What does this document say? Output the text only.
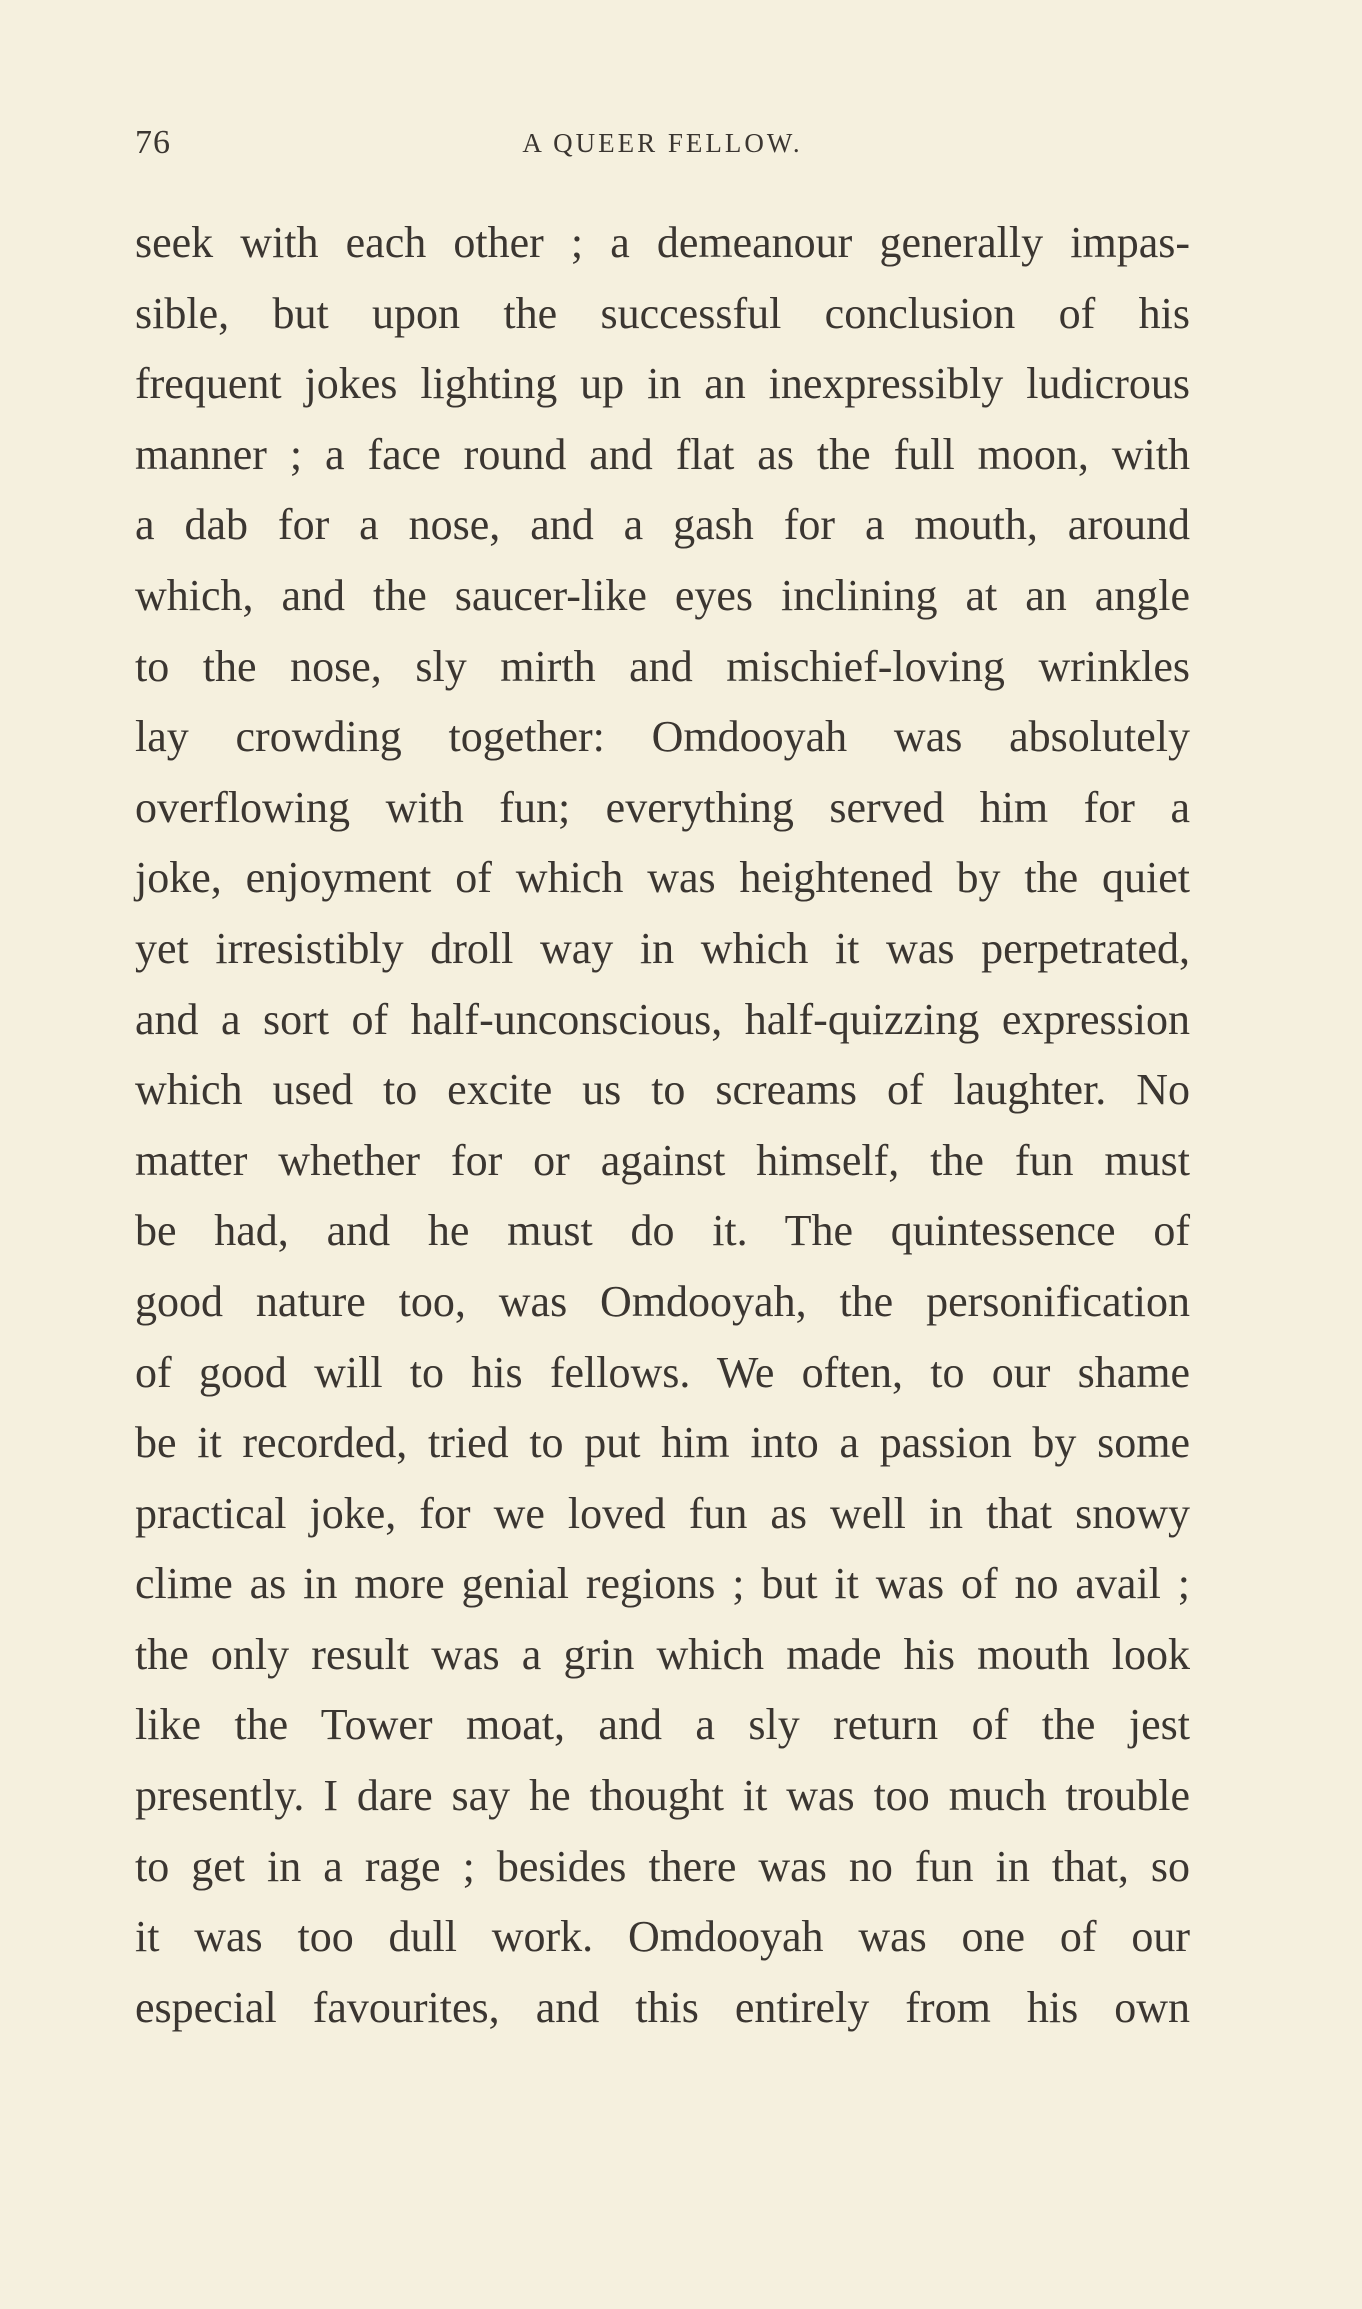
76	A QUEER FELLOW.
seek with each other ; a demeanour generally impas-
sible, but upon the successful conclusion of his
frequent jokes lighting up in an inexpressibly ludicrous
manner ; a face round and flat as the full moon, with
a dab for a nose, and a gash for a mouth, around
which, and the saucer-like eyes inclining at an angle
to the nose, sly mirth and mischief-loving wrinkles
lay crowding together: Omdooyah was absolutely
overflowing with fun; everything served him for a
joke, enjoyment of which was heightened by the quiet
yet irresistibly droll way in which it was perpetrated,
and a sort of half-unconscious, half-quizzing expression
which used to excite us to screams of laughter. No
matter whether for or against himself, the fun must
be had, and he must do it. The quintessence of
good nature too, was Omdooyah, the personification
of good will to his fellows. We often, to our shame
be it recorded, tried to put him into a passion by some
practical joke, for we loved fun as well in that snowy
clime as in more genial regions ; but it was of no avail ;
the only result was a grin which made his mouth look
like the Tower moat, and a sly return of the jest
presently. I dare say he thought it was too much trouble
to get in a rage ; besides there was no fun in that, so
it was too dull work. Omdooyah was one of our
especial favourites, and this entirely from his own
